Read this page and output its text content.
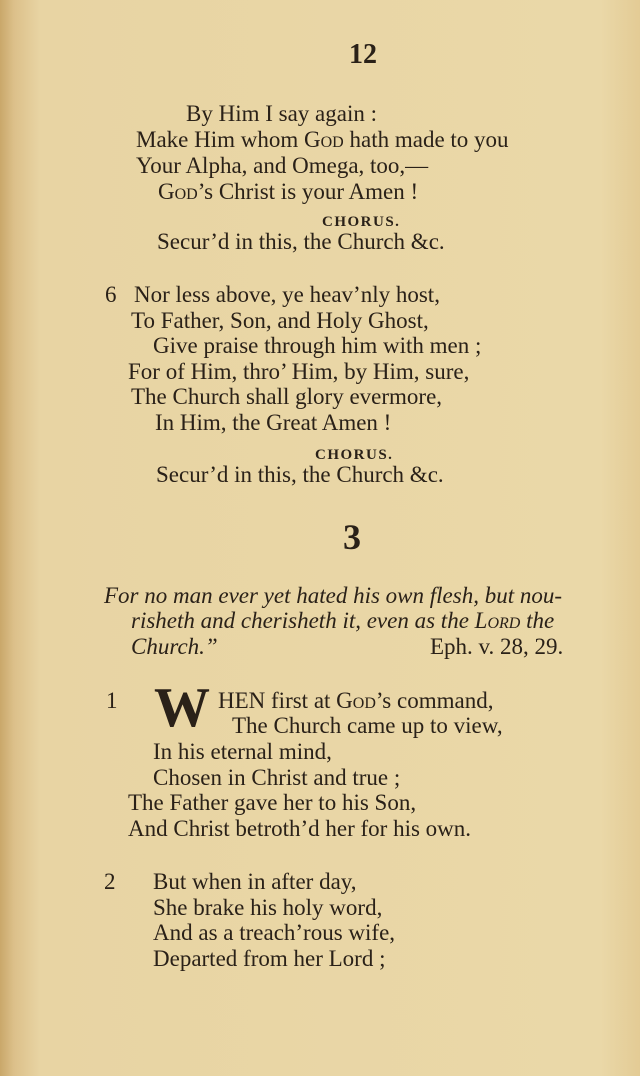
12
By Him I say again :
Make Him whom God hath made to you
Your Alpha, and Omega, too,—
God’s Christ is your Amen !
CHORUS.
Secur’d in this, the Church &c.
6 Nor less above, ye heav’nly host,
To Father, Son, and Holy Ghost,
Give praise through him with men ;
For of Him, thro’ Him, by Him, sure,
The Church shall glory evermore,
In Him, the Great Amen !
CHORUS.
Secur’d in this, the Church &c.
3
For no man ever yet hated his own flesh, but nou-
risheth and cherisheth it, even as the Lord the
Church.”	Eph. v. 28, 29.
1 W HEN first at God’s command,
The Church came up to view,
In his eternal mind,
Chosen in Christ and true ;
The Father gave her to his Son,
And Christ betroth’d her for his own.
2 But when in after day,
She brake his holy word,
And as a treach’rous wife,
Departed from her Lord ;
